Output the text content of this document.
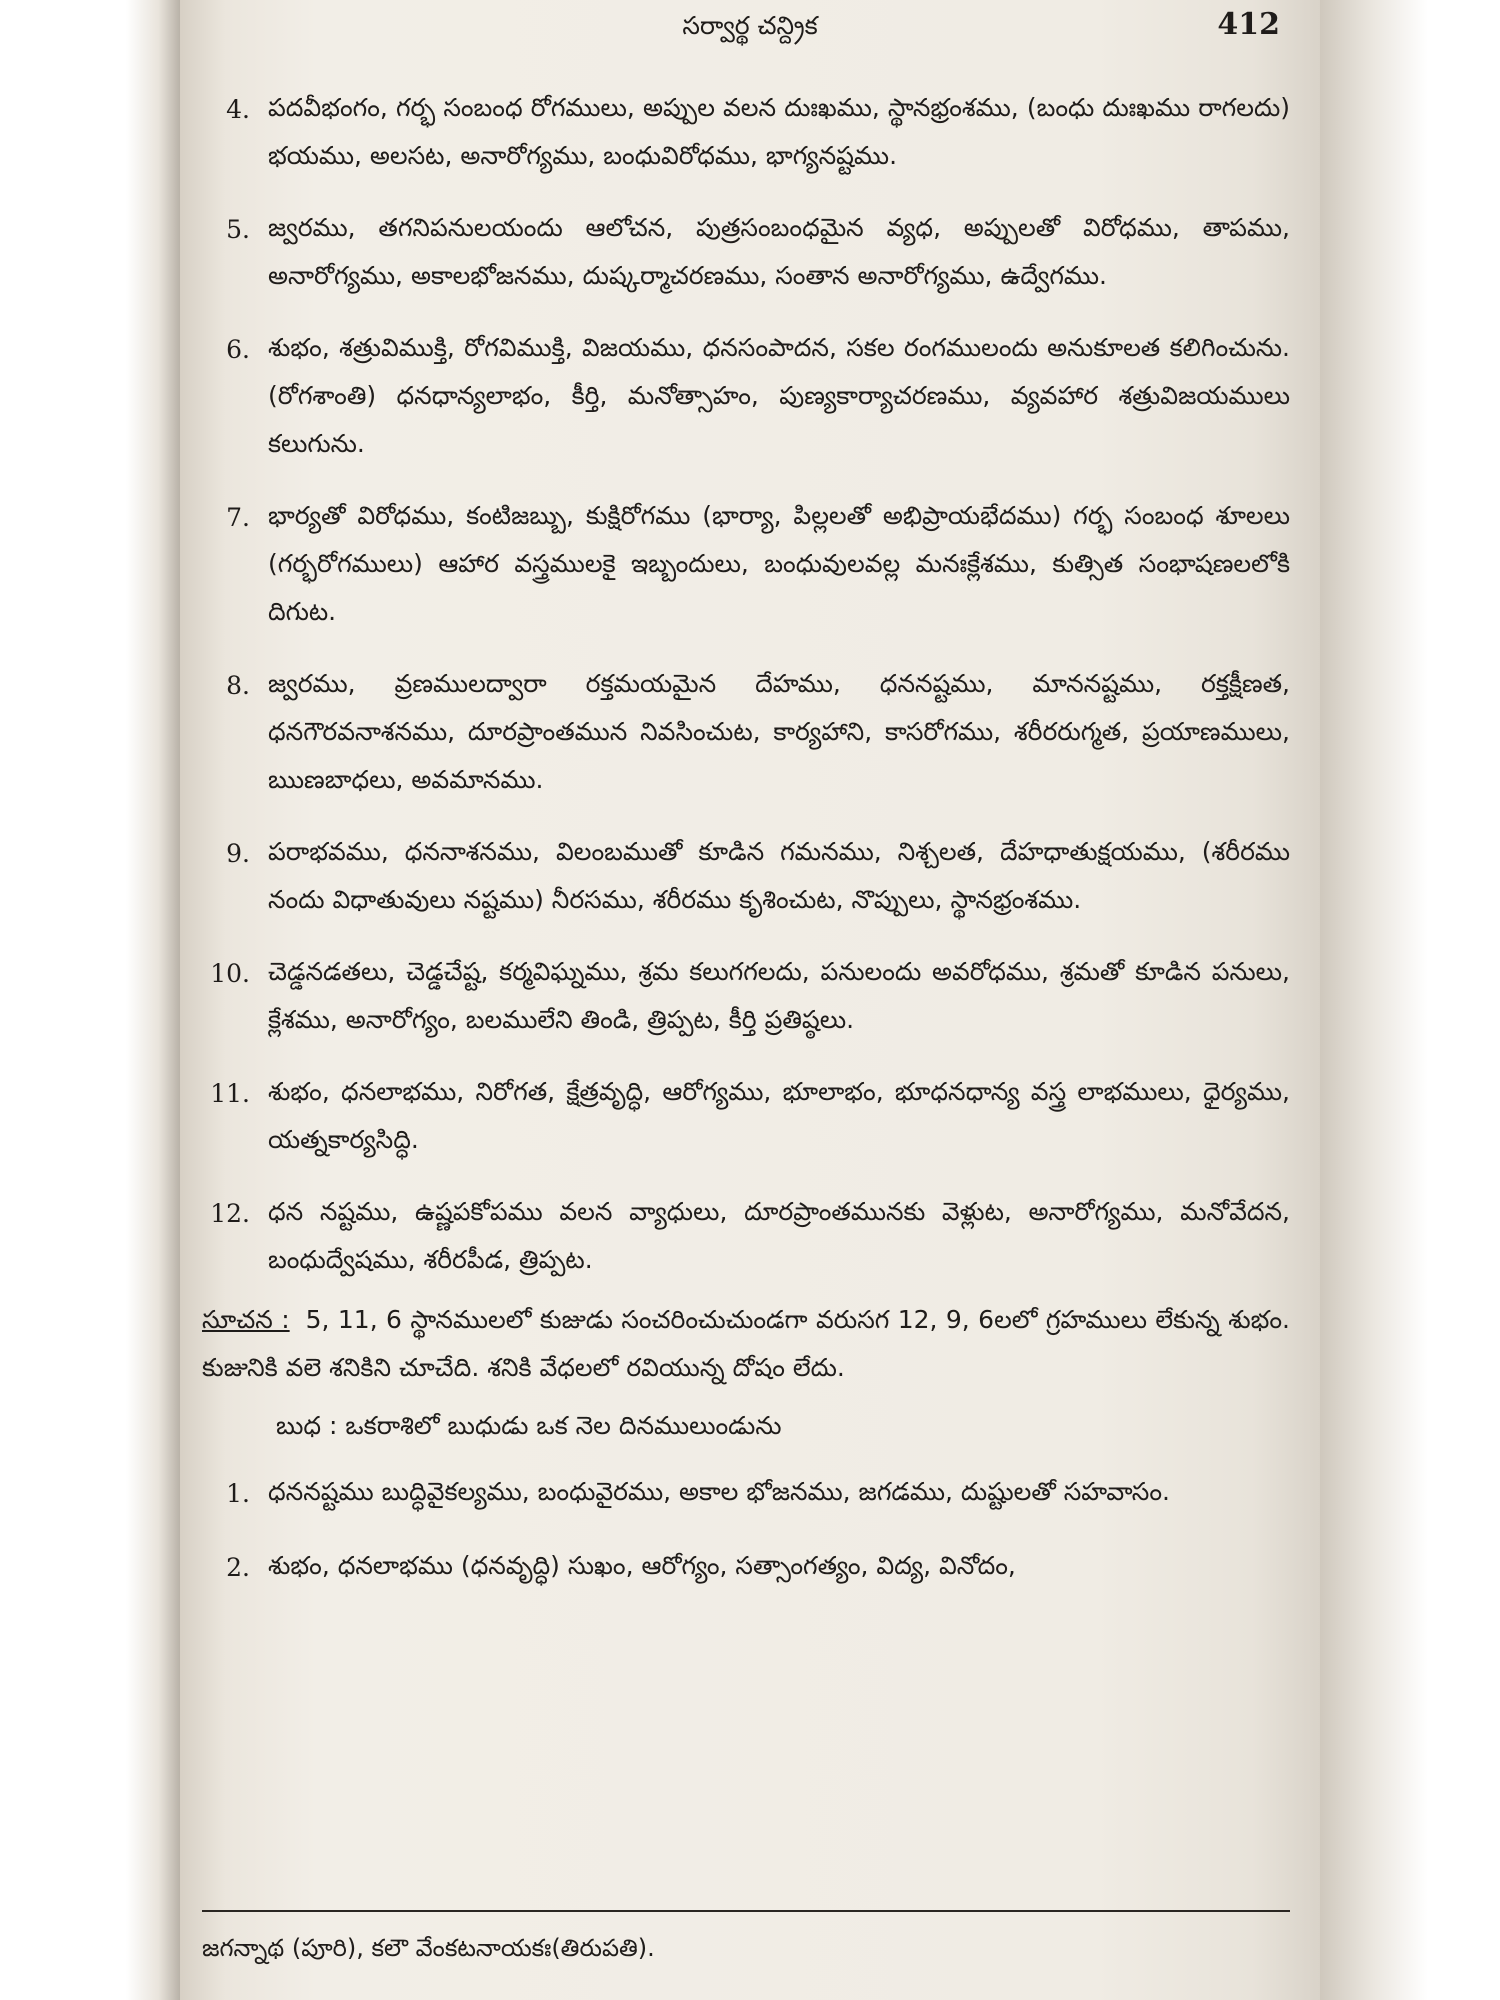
సర్వార్థ చన్ద్రిక	412
4. పదవీభంగం, గర్భ సంబంధ రోగములు, అప్పుల వలన దుఃఖము, స్థానభ్రంశము, (బంధు దుఃఖము రాగలదు) భయము, అలసట, అనారోగ్యము, బంధువిరోధము, భాగ్యనష్టము.
5. జ్వరము, తగనిపనులయందు ఆలోచన, పుత్రసంబంధమైన వ్యధ, అప్పులతో విరోధము, తాపము, అనారోగ్యము, అకాలభోజనము, దుష్కర్మాచరణము, సంతాన అనారోగ్యము, ఉద్వేగము.
6. శుభం, శత్రువిముక్తి, రోగవిముక్తి, విజయము, ధనసంపాదన, సకల రంగములందు అనుకూలత కలిగించును. (రోగశాంతి) ధనధాన్యలాభం, కీర్తి, మనోత్సాహం, పుణ్యకార్యాచరణము, వ్యవహార శత్రువిజయములు కలుగును.
7. భార్యతో విరోధము, కంటిజబ్బు, కుక్షిరోగము (భార్యా, పిల్లలతో అభిప్రాయభేదము) గర్భ సంబంధ శూలలు (గర్భరోగములు) ఆహార వస్త్రములకై ఇబ్బందులు, బంధువులవల్ల మనఃక్లేశము, కుత్సిత సంభాషణలలోకి దిగుట.
8. జ్వరము, వ్రణములద్వారా రక్తమయమైన దేహము, ధననష్టము, మాననష్టము, రక్తక్షీణత, ధనగౌరవనాశనము, దూరప్రాంతమున నివసించుట, కార్యహాని, కాసరోగము, శరీరరుగ్మత, ప్రయాణములు, ఋణబాధలు, అవమానము.
9. పరాభవము, ధననాశనము, విలంబముతో కూడిన గమనము, నిశ్చలత, దేహధాతుక్షయము, (శరీరము నందు విధాతువులు నష్టము) నీరసము, శరీరము కృశించుట, నొప్పులు, స్థానభ్రంశము.
10. చెడ్డనడతలు, చెడ్డచేష్ట, కర్మవిఘ్నము, శ్రమ కలుగగలదు, పనులందు అవరోధము, శ్రమతో కూడిన పనులు, క్లేశము, అనారోగ్యం, బలములేని తిండి, త్రిప్పట, కీర్తి ప్రతిష్ఠలు.
11. శుభం, ధనలాభము, నిరోగత, క్షేత్రవృద్ధి, ఆరోగ్యము, భూలాభం, భూధనధాన్య వస్త్ర లాభములు, ధైర్యము, యత్నకార్యసిద్ధి.
12. ధన నష్టము, ఉష్ణపకోపము వలన వ్యాధులు, దూరప్రాంతమునకు వెళ్లుట, అనారోగ్యము, మనోవేదన, బంధుద్వేషము, శరీరపీడ, త్రిప్పట.
సూచన : 5, 11, 6 స్థానములలో కుజుడు సంచరించుచుండగా వరుసగ 12, 9, 6లలో గ్రహములు లేకున్న శుభం. కుజునికి వలె శనికిని చూచేది. శనికి వేధలలో రవియున్న దోషం లేదు.
బుధ : ఒకరాశిలో బుధుడు ఒక నెల దినములుండును
1. ధననష్టము బుద్ధివైకల్యము, బంధువైరము, అకాల భోజనము, జగడము, దుష్టులతో సహవాసం.
2. శుభం, ధనలాభము (ధనవృద్ధి) సుఖం, ఆరోగ్యం, సత్సాంగత్యం, విద్య, వినోదం,
జగన్నాథ (పూరి), కలౌ వేంకటనాయకః(తిరుపతి).
